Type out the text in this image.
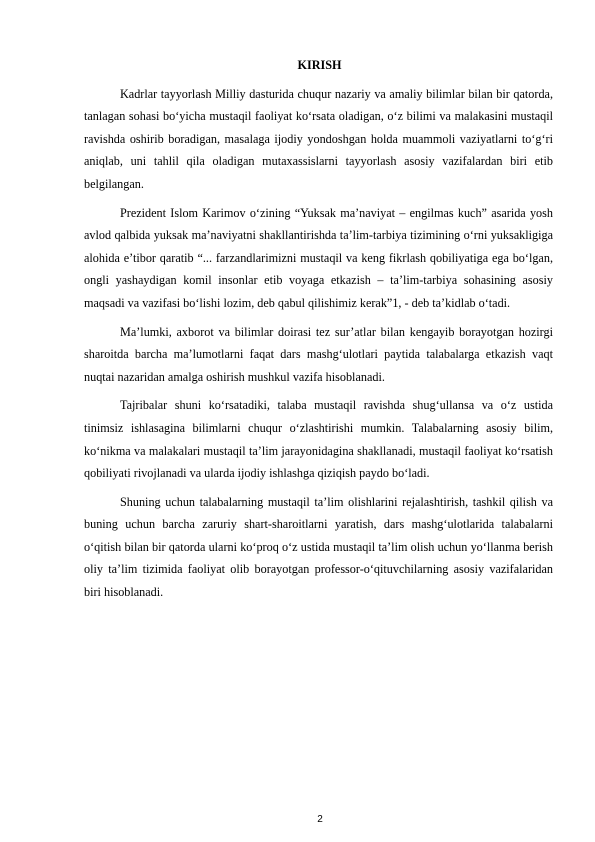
KIRISH

Kadrlar tayyorlash Milliy dasturida chuqur nazariy va amaliy bilimlar bilan bir qatorda, tanlagan sohasi bo‘yicha mustaqil faoliyat ko‘rsata oladigan, o‘z bilimi va malakasini mustaqil ravishda oshirib boradigan, masalaga ijodiy yondoshgan holda muammoli vaziyatlarni to‘g‘ri aniqlab, uni tahlil qila oladigan mutaxassislarni tayyorlash asosiy vazifalardan biri etib belgilangan.

Prezident Islom Karimov o‘zining “Yuksak ma’naviyat – engilmas kuch” asarida yosh avlod qalbida yuksak ma’naviyatni shakllantirishda ta’lim-tarbiya tizimining o‘rni yuksakligiga alohida e’tibor qaratib “... farzandlarimizni mustaqil va keng fikrlash qobiliyatiga ega bo‘lgan, ongli yashaydigan komil insonlar etib voyaga etkazish – ta’lim-tarbiya sohasining asosiy maqsadi va vazifasi bo‘lishi lozim, deb qabul qilishimiz kerak”1, - deb ta’kidlab o‘tadi.

Ma’lumki, axborot va bilimlar doirasi tez sur’atlar bilan kengayib borayotgan hozirgi sharoitda barcha ma’lumotlarni faqat dars mashg‘ulotlari paytida talabalarga etkazish vaqt nuqtai nazaridan amalga oshirish mushkul vazifa hisoblanadi.

Tajribalar shuni ko‘rsatadiki, talaba mustaqil ravishda shug‘ullansa va o‘z ustida tinimsiz ishlasagina bilimlarni chuqur o‘zlashtirishi mumkin. Talabalarning asosiy bilim, ko‘nikma va malakalari mustaqil ta’lim jarayonidagina shakllanadi, mustaqil faoliyat ko‘rsatish qobiliyati rivojlanadi va ularda ijodiy ishlashga qiziqish paydo bo‘ladi.

Shuning uchun talabalarning mustaqil ta’lim olishlarini rejalashtirish, tashkil qilish va buning uchun barcha zaruriy shart-sharoitlarni yaratish, dars mashg‘ulotlarida talabalarni o‘qitish bilan bir qatorda ularni ko‘proq o‘z ustida mustaqil ta’lim olish uchun yo‘llanma berish oliy ta’lim tizimida faoliyat olib borayotgan professor-o‘qituvchilarning asosiy vazifalaridan biri hisoblanadi.

2
